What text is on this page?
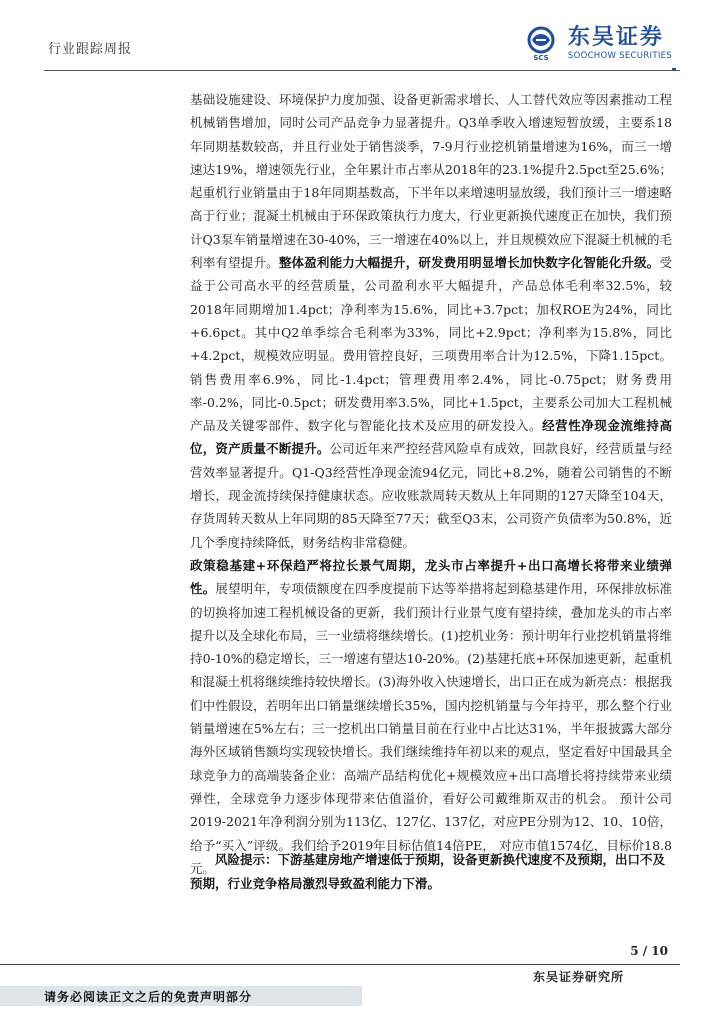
行业跟踪周报
SCS
东吴证券
SOOCHOW SECURITIES

基础设施建设、环境保护力度加强、设备更新需求增长、人工替代效应等因素推动工程机械销售增加，同时公司产品竞争力显著提升。Q3单季收入增速短暂放缓，主要系18年同期基数较高，并且行业处于销售淡季，7-9月行业挖机销量增速为16%，而三一增速达19%，增速领先行业，全年累计市占率从2018年的23.1%提升2.5pct至25.6%；起重机行业销量由于18年同期基数高，下半年以来增速明显放缓，我们预计三一增速略高于行业；混凝土机械由于环保政策执行力度大，行业更新换代速度正在加快，我们预计Q3泵车销量增速在30-40%，三一增速在40%以上，并且规模效应下混凝土机械的毛利率有望提升。整体盈利能力大幅提升，研发费用明显增长加快数字化智能化升级。受益于公司高水平的经营质量，公司盈利水平大幅提升，产品总体毛利率32.5%，较2018年同期增加1.4pct；净利率为15.6%，同比+3.7pct；加权ROE为24%，同比+6.6pct。其中Q2单季综合毛利率为33%，同比+2.9pct；净利率为15.8%，同比+4.2pct，规模效应明显。费用管控良好，三项费用率合计为12.5%，下降1.15pct。销售费用率6.9%，同比-1.4pct；管理费用率2.4%，同比-0.75pct；财务费用率-0.2%，同比-0.5pct；研发费用率3.5%，同比+1.5pct，主要系公司加大工程机械产品及关键零部件、数字化与智能化技术及应用的研发投入。经营性净现金流维持高位，资产质量不断提升。公司近年来严控经营风险卓有成效，回款良好，经营质量与经营效率显著提升。Q1-Q3经营性净现金流94亿元，同比+8.2%，随着公司销售的不断增长，现金流持续保持健康状态。应收账款周转天数从上年同期的127天降至104天，存货周转天数从上年同期的85天降至77天；截至Q3末，公司资产负债率为50.8%，近几个季度持续降低，财务结构非常稳健。

政策稳基建+环保趋严将拉长景气周期，龙头市占率提升+出口高增长将带来业绩弹性。展望明年，专项债额度在四季度提前下达等举措将起到稳基建作用，环保排放标准的切换将加速工程机械设备的更新，我们预计行业景气度有望持续，叠加龙头的市占率提升以及全球化布局，三一业绩将继续增长。(1)挖机业务：预计明年行业挖机销量将维持0-10%的稳定增长，三一增速有望达10-20%。(2)基建托底+环保加速更新，起重机和混凝土机将继续维持较快增长。(3)海外收入快速增长，出口正在成为新亮点：根据我们中性假设，若明年出口销量继续增长35%，国内挖机销量与今年持平，那么整个行业销量增速在5%左右；三一挖机出口销量目前在行业中占比达31%，半年报披露大部分海外区域销售额均实现较快增长。我们继续维持年初以来的观点，坚定看好中国最具全球竞争力的高端装备企业：高端产品结构优化+规模效应+出口高增长将持续带来业绩弹性，全球竞争力逐步体现带来估值溢价，看好公司戴维斯双击的机会。 预计公司2019-2021年净利润分别为113亿、127亿、137亿，对应PE分别为12、10、10倍，给予“买入”评级。我们给予2019年目标估值14倍PE， 对应市值1574亿，目标价18.8元。

风险提示：下游基建房地产增速低于预期，设备更新换代速度不及预期，出口不及预期，行业竞争格局激烈导致盈利能力下滑。
5 / 10
东吴证券研究所
请务必阅读正文之后的免责声明部分
